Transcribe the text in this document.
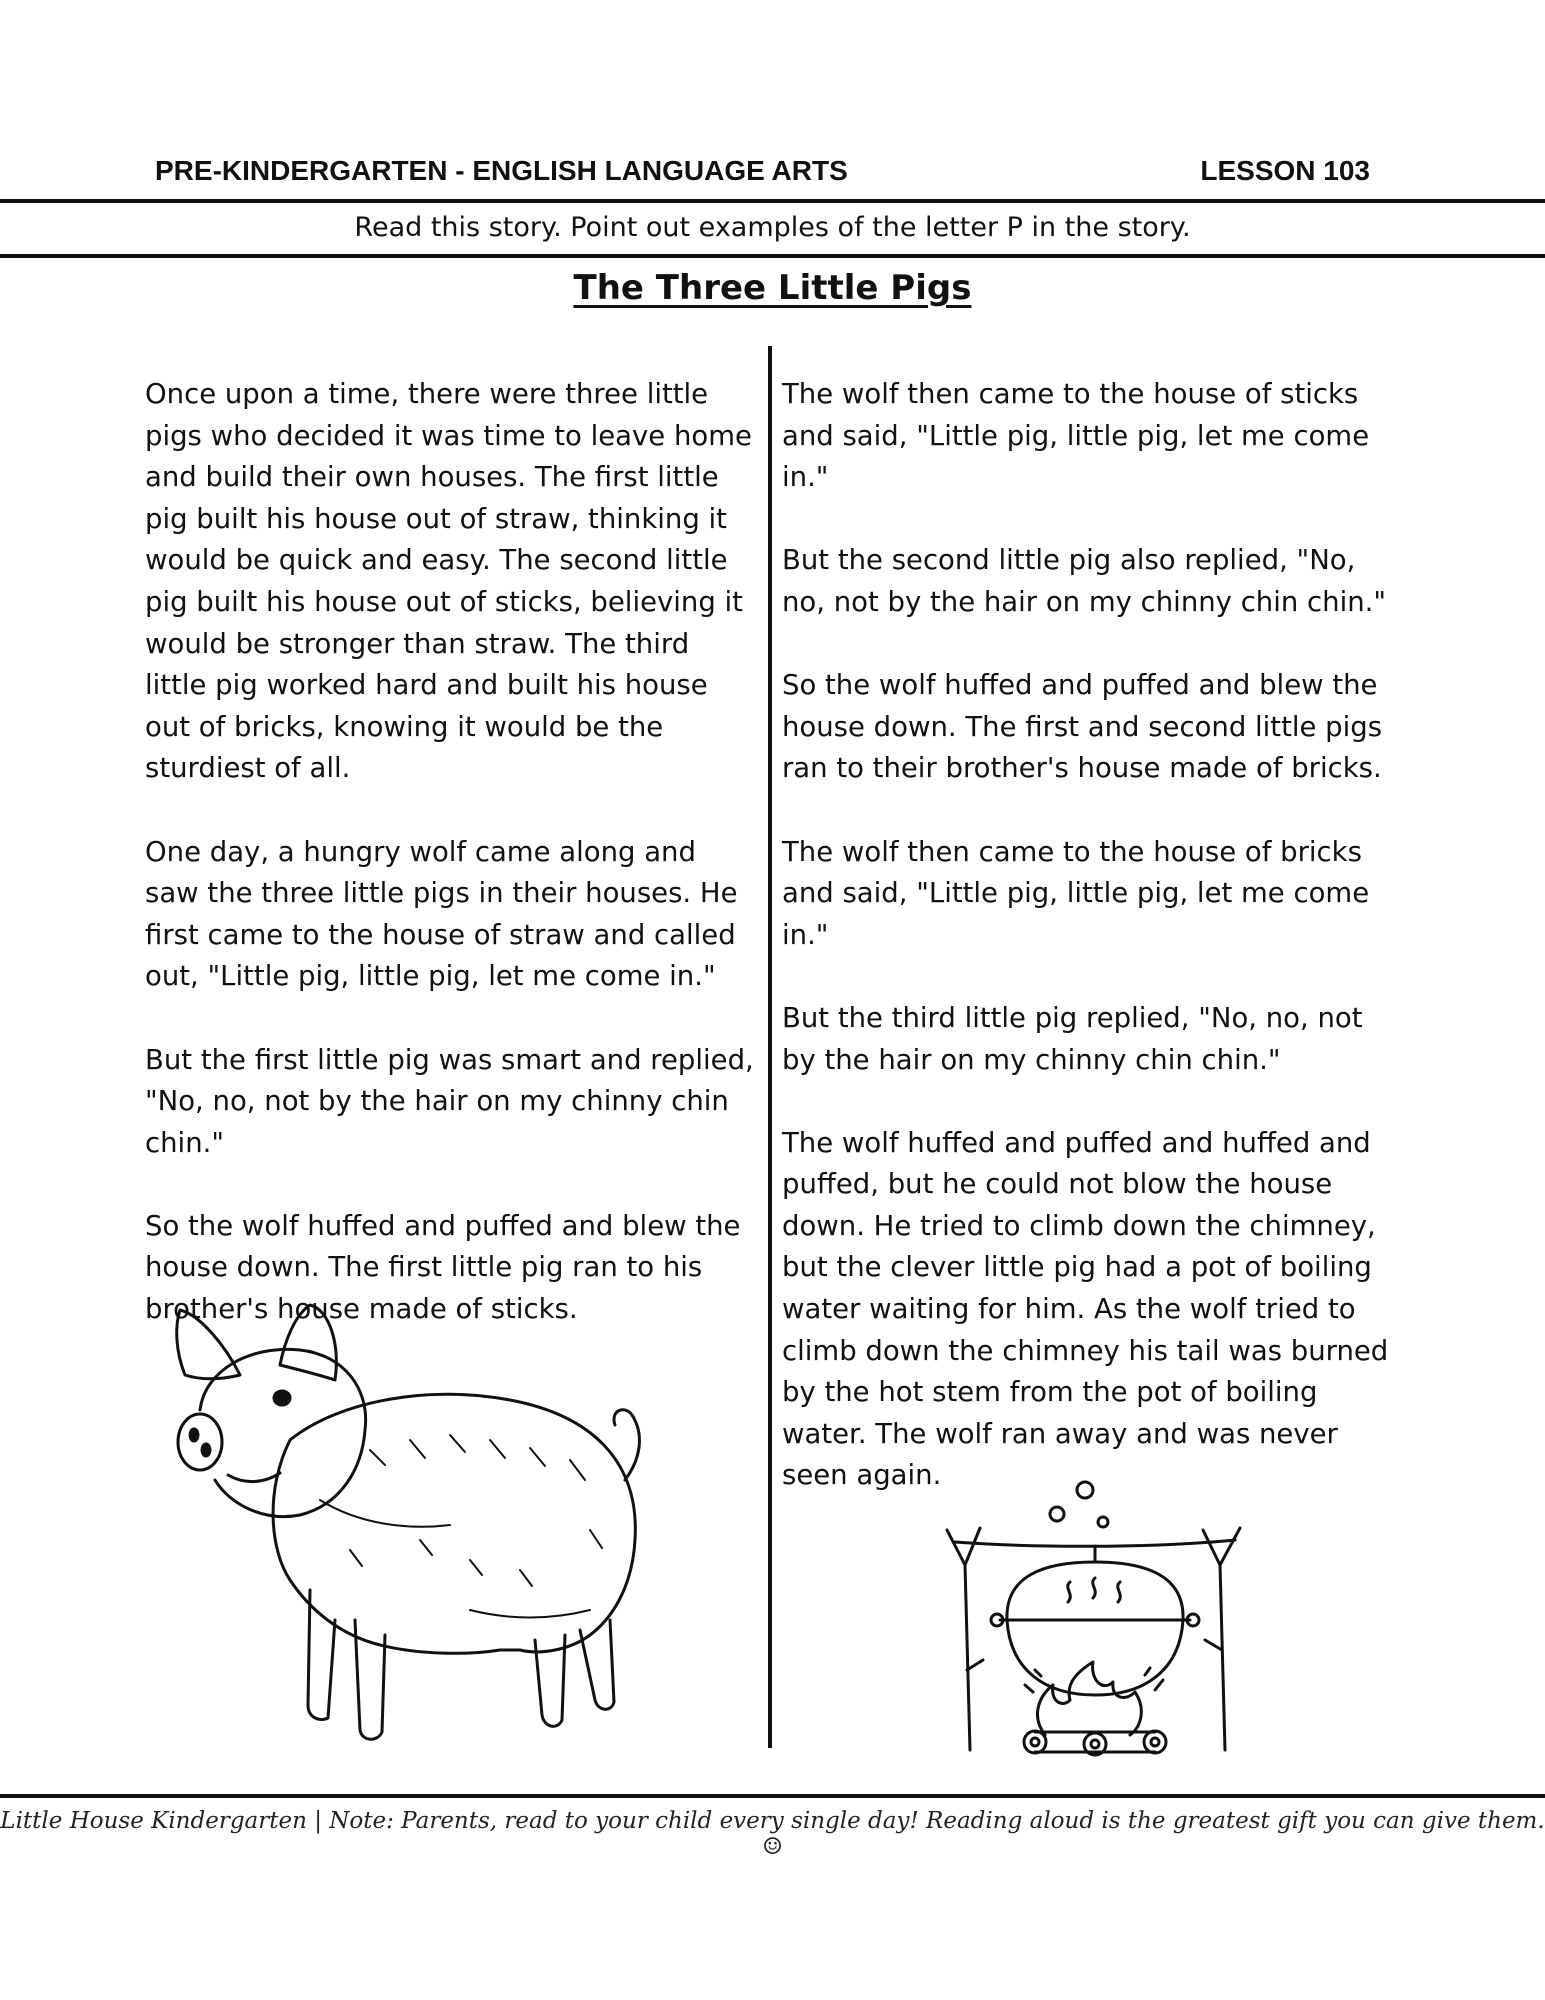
PRE-KINDERGARTEN - ENGLISH LANGUAGE ARTS	LESSON 103
Read this story. Point out examples of the letter P in the story.
The Three Little Pigs

Once upon a time, there were three little pigs who decided it was time to leave home and build their own houses. The first little pig built his house out of straw, thinking it would be quick and easy. The second little pig built his house out of sticks, believing it would be stronger than straw. The third little pig worked hard and built his house out of bricks, knowing it would be the sturdiest of all.

One day, a hungry wolf came along and saw the three little pigs in their houses. He first came to the house of straw and called out, "Little pig, little pig, let me come in."

But the first little pig was smart and replied, "No, no, not by the hair on my chinny chin chin."

So the wolf huffed and puffed and blew the house down. The first little pig ran to his brother's house made of sticks.

The wolf then came to the house of sticks and said, "Little pig, little pig, let me come in."

But the second little pig also replied, "No, no, not by the hair on my chinny chin chin."

So the wolf huffed and puffed and blew the house down. The first and second little pigs ran to their brother's house made of bricks.

The wolf then came to the house of bricks and said, "Little pig, little pig, let me come in."

But the third little pig replied, "No, no, not by the hair on my chinny chin chin."

The wolf huffed and puffed and huffed and puffed, but he could not blow the house down. He tried to climb down the chimney, but the clever little pig had a pot of boiling water waiting for him. As the wolf tried to climb down the chimney his tail was burned by the hot stem from the pot of boiling water. The wolf ran away and was never seen again.

Little House Kindergarten | Note: Parents, read to your child every single day! Reading aloud is the greatest gift you can give them. ☺
